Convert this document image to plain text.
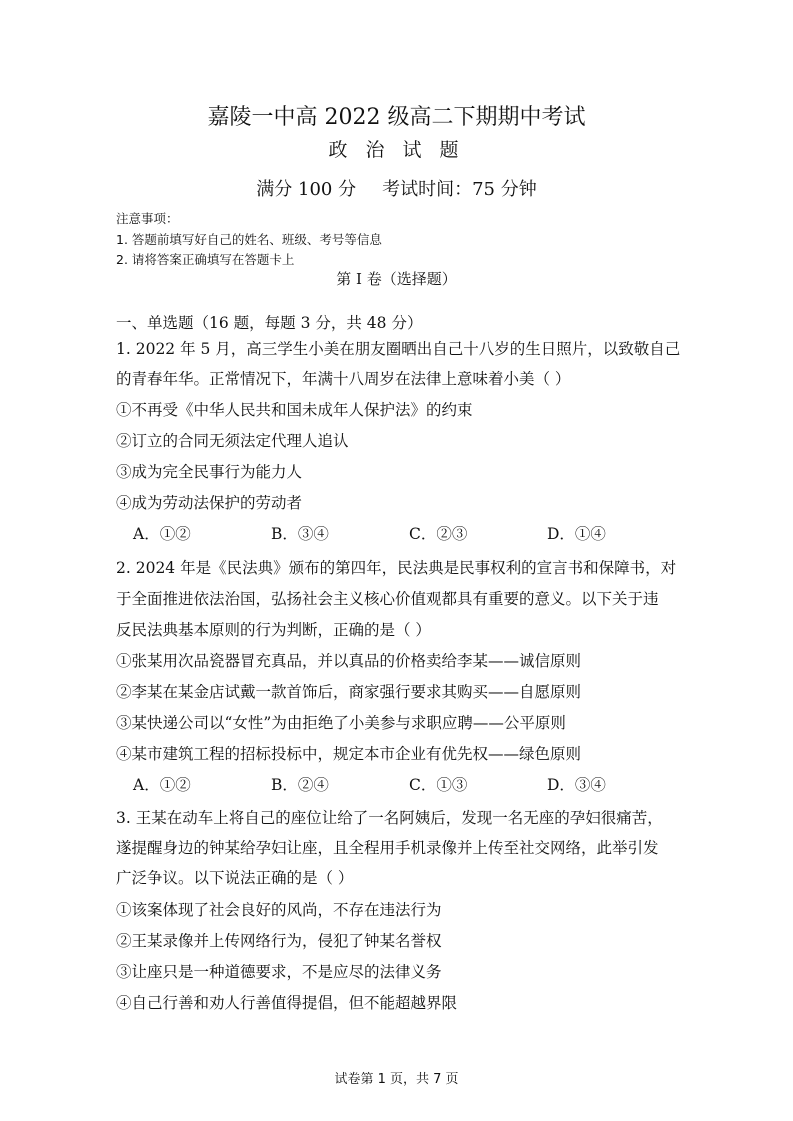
嘉陵一中高 2022 级高二下期期中考试
政 治 试 题
满分 100 分 考试时间：75 分钟
注意事项：
1. 答题前填写好自己的姓名、班级、考号等信息
2. 请将答案正确填写在答题卡上
第 I 卷（选择题）
一、单选题（16 题，每题 3 分，共 48 分）
1. 2022 年 5 月，高三学生小美在朋友圈晒出自己十八岁的生日照片，以致敬自己
的青春年华。正常情况下，年满十八周岁在法律上意味着小美（ ）
①不再受《中华人民共和国未成年人保护法》的约束
②订立的合同无须法定代理人追认
③成为完全民事行为能力人
④成为劳动法保护的劳动者
A．①②	B．③④	C．②③	D．①④
2. 2024 年是《民法典》颁布的第四年，民法典是民事权利的宣言书和保障书，对
于全面推进依法治国，弘扬社会主义核心价值观都具有重要的意义。以下关于违
反民法典基本原则的行为判断，正确的是（ ）
①张某用次品瓷器冒充真品，并以真品的价格卖给李某——诚信原则
②李某在某金店试戴一款首饰后，商家强行要求其购买——自愿原则
③某快递公司以“女性”为由拒绝了小美参与求职应聘——公平原则
④某市建筑工程的招标投标中，规定本市企业有优先权——绿色原则
A．①②	B．②④	C．①③	D．③④
3. 王某在动车上将自己的座位让给了一名阿姨后，发现一名无座的孕妇很痛苦，
遂提醒身边的钟某给孕妇让座，且全程用手机录像并上传至社交网络，此举引发
广泛争议。以下说法正确的是（ ）
①该案体现了社会良好的风尚，不存在违法行为
②王某录像并上传网络行为，侵犯了钟某名誉权
③让座只是一种道德要求，不是应尽的法律义务
④自己行善和劝人行善值得提倡，但不能超越界限
试卷第 1 页，共 7 页
